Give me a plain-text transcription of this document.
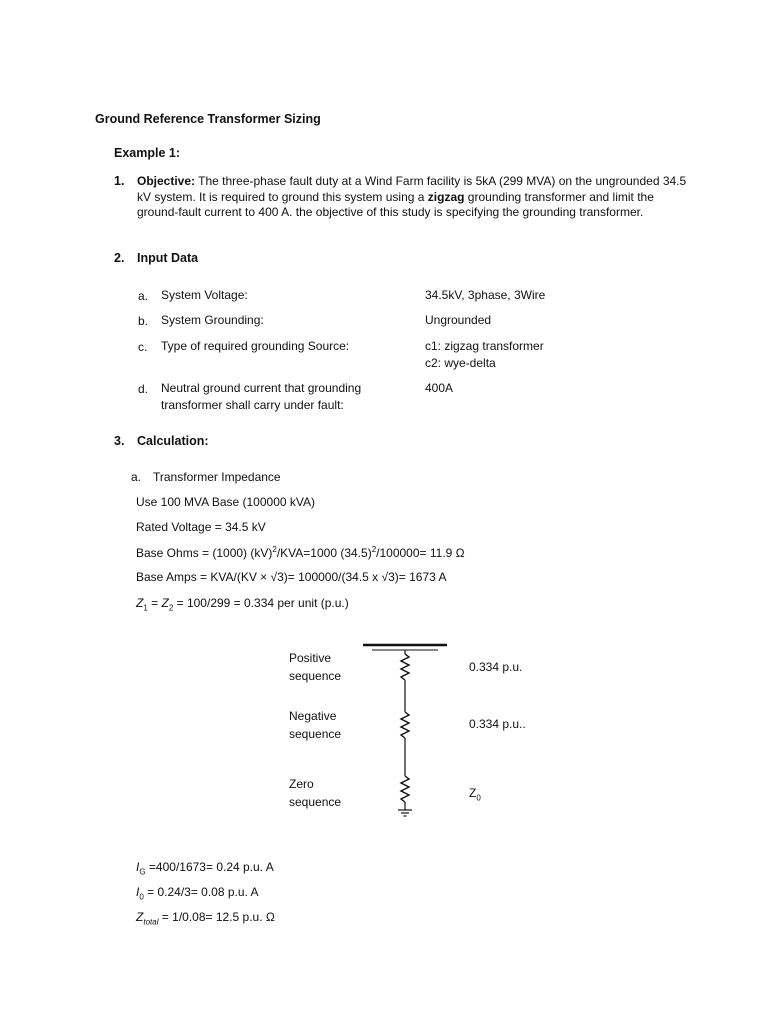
Ground Reference Transformer Sizing
Example 1:
1. Objective: The three-phase fault duty at a Wind Farm facility is 5kA (299 MVA) on the ungrounded 34.5 kV system. It is required to ground this system using a zigzag grounding transformer and limit the ground-fault current to 400 A. the objective of this study is specifying the grounding transformer.
2. Input Data
a. System Voltage:	34.5kV, 3phase, 3Wire
b. System Grounding:	Ungrounded
c. Type of required grounding Source:	c1: zigzag transformer
c2: wye-delta
d. Neutral ground current that grounding transformer shall carry under fault:
400A
3. Calculation:
a. Transformer Impedance
Use 100 MVA Base (100000 kVA)
Rated Voltage = 34.5 kV
Base Ohms = (1000) (kV)$^2$/KVA=1000 $(34.5)^2/100000= 11.9$ Ω
Base Amps = KVA/(KV × √3)= 100000/(34.5 x √3)= 1673 A
$Z_1 = Z_2 = 100/299 = 0.334$ per unit (p.u.)
Positive sequence
0.334 p.u.
Negative sequence
0.334 p.u..
Zero sequence
$Z_0$
$I_G =400/1673= 0.24$ p.u. A
$I_0 = 0.24/3= 0.08$ p.u. A
$Z_{total} = 1/0.08= 12.5$ p.u. Ω
